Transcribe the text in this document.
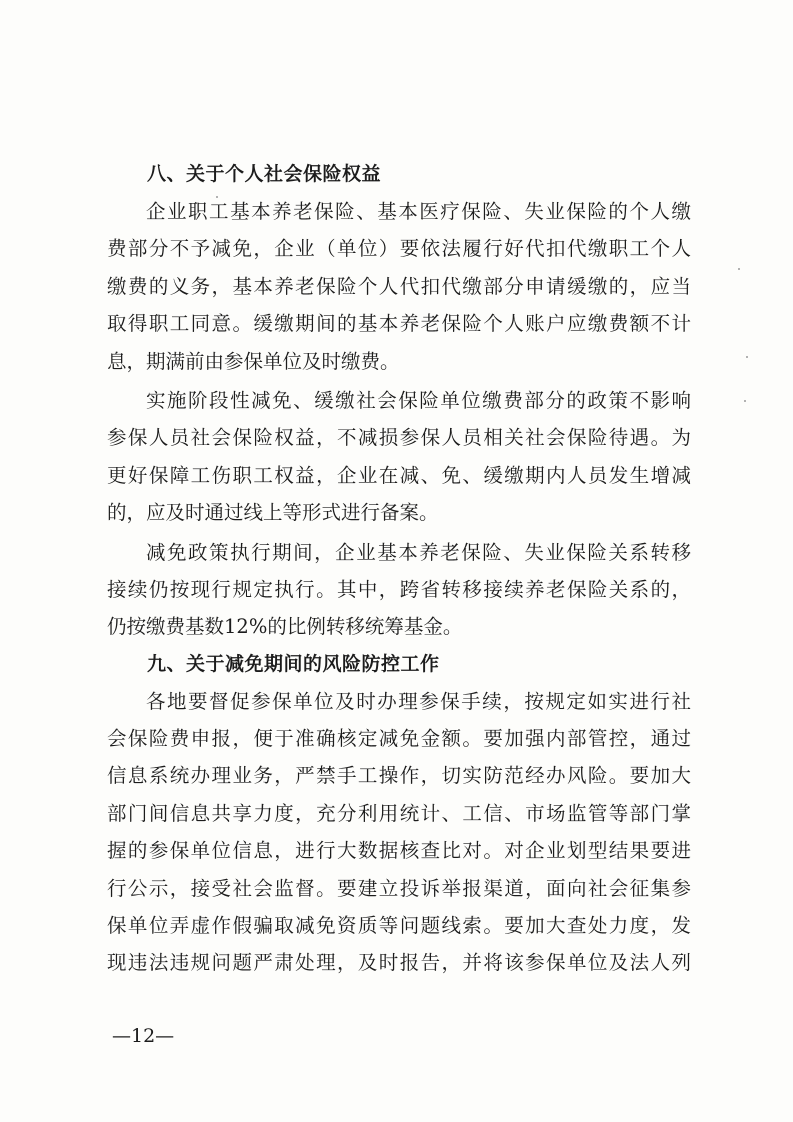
八、关于个人社会保险权益
企业职工基本养老保险、基本医疗保险、失业保险的个人缴
费部分不予减免，企业（单位）要依法履行好代扣代缴职工个人
缴费的义务，基本养老保险个人代扣代缴部分申请缓缴的，应当
取得职工同意。缓缴期间的基本养老保险个人账户应缴费额不计
息，期满前由参保单位及时缴费。
实施阶段性减免、缓缴社会保险单位缴费部分的政策不影响
参保人员社会保险权益，不减损参保人员相关社会保险待遇。为
更好保障工伤职工权益，企业在减、免、缓缴期内人员发生增减
的，应及时通过线上等形式进行备案。
减免政策执行期间，企业基本养老保险、失业保险关系转移
接续仍按现行规定执行。其中，跨省转移接续养老保险关系的，
仍按缴费基数12%的比例转移统筹基金。
九、关于减免期间的风险防控工作
各地要督促参保单位及时办理参保手续，按规定如实进行社
会保险费申报，便于准确核定减免金额。要加强内部管控，通过
信息系统办理业务，严禁手工操作，切实防范经办风险。要加大
部门间信息共享力度，充分利用统计、工信、市场监管等部门掌
握的参保单位信息，进行大数据核查比对。对企业划型结果要进
行公示，接受社会监督。要建立投诉举报渠道，面向社会征集参
保单位弄虚作假骗取减免资质等问题线索。要加大查处力度，发
现违法违规问题严肃处理，及时报告，并将该参保单位及法人列
—12—
